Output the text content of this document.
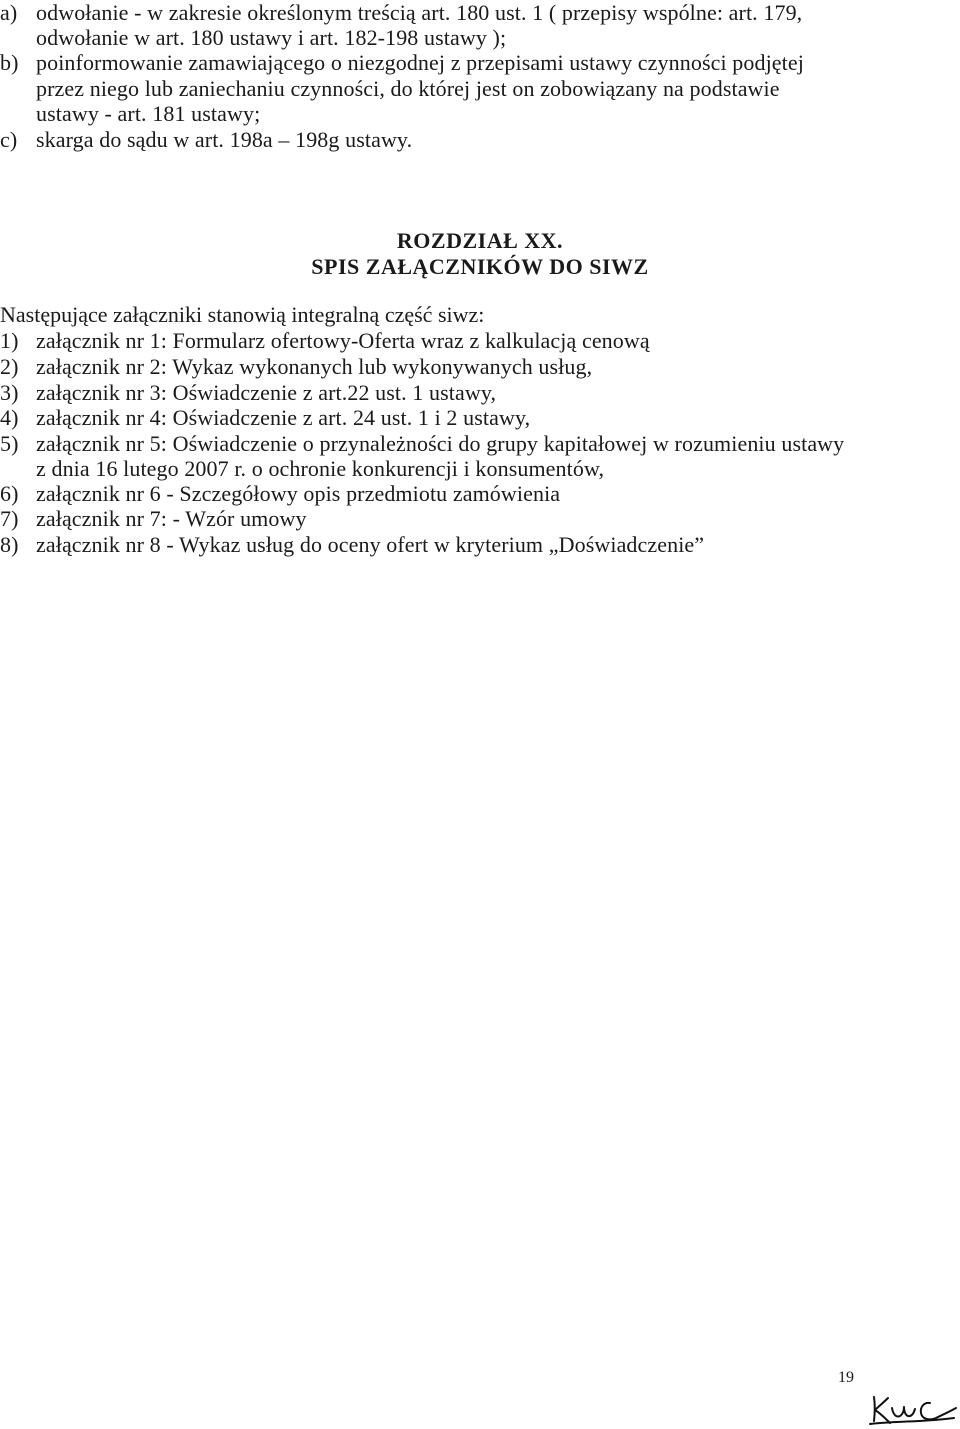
a) odwołanie - w zakresie określonym treścią art. 180 ust. 1 ( przepisy wspólne: art. 179,
odwołanie w art. 180 ustawy i art. 182-198 ustawy );
b) poinformowanie zamawiającego o niezgodnej z przepisami ustawy czynności podjętej
przez niego lub zaniechaniu czynności, do której jest on zobowiązany na podstawie
ustawy - art. 181 ustawy;
c) skarga do sądu w art. 198a – 198g ustawy.
ROZDZIAŁ XX.
SPIS ZAŁĄCZNIKÓW DO SIWZ
Następujące załączniki stanowią integralną część siwz:
1) załącznik nr 1: Formularz ofertowy-Oferta wraz z kalkulacją cenową
2) załącznik nr 2: Wykaz wykonanych lub wykonywanych usług,
3) załącznik nr 3: Oświadczenie z art.22 ust. 1 ustawy,
4) załącznik nr 4: Oświadczenie z art. 24 ust. 1 i 2 ustawy,
5) załącznik nr 5: Oświadczenie o przynależności do grupy kapitałowej w rozumieniu ustawy
z dnia 16 lutego 2007 r. o ochronie konkurencji i konsumentów,
6) załącznik nr 6 - Szczegółowy opis przedmiotu zamówienia
7) załącznik nr 7: - Wzór umowy
8) załącznik nr 8 - Wykaz usług do oceny ofert w kryterium „Doświadczenie”
19
